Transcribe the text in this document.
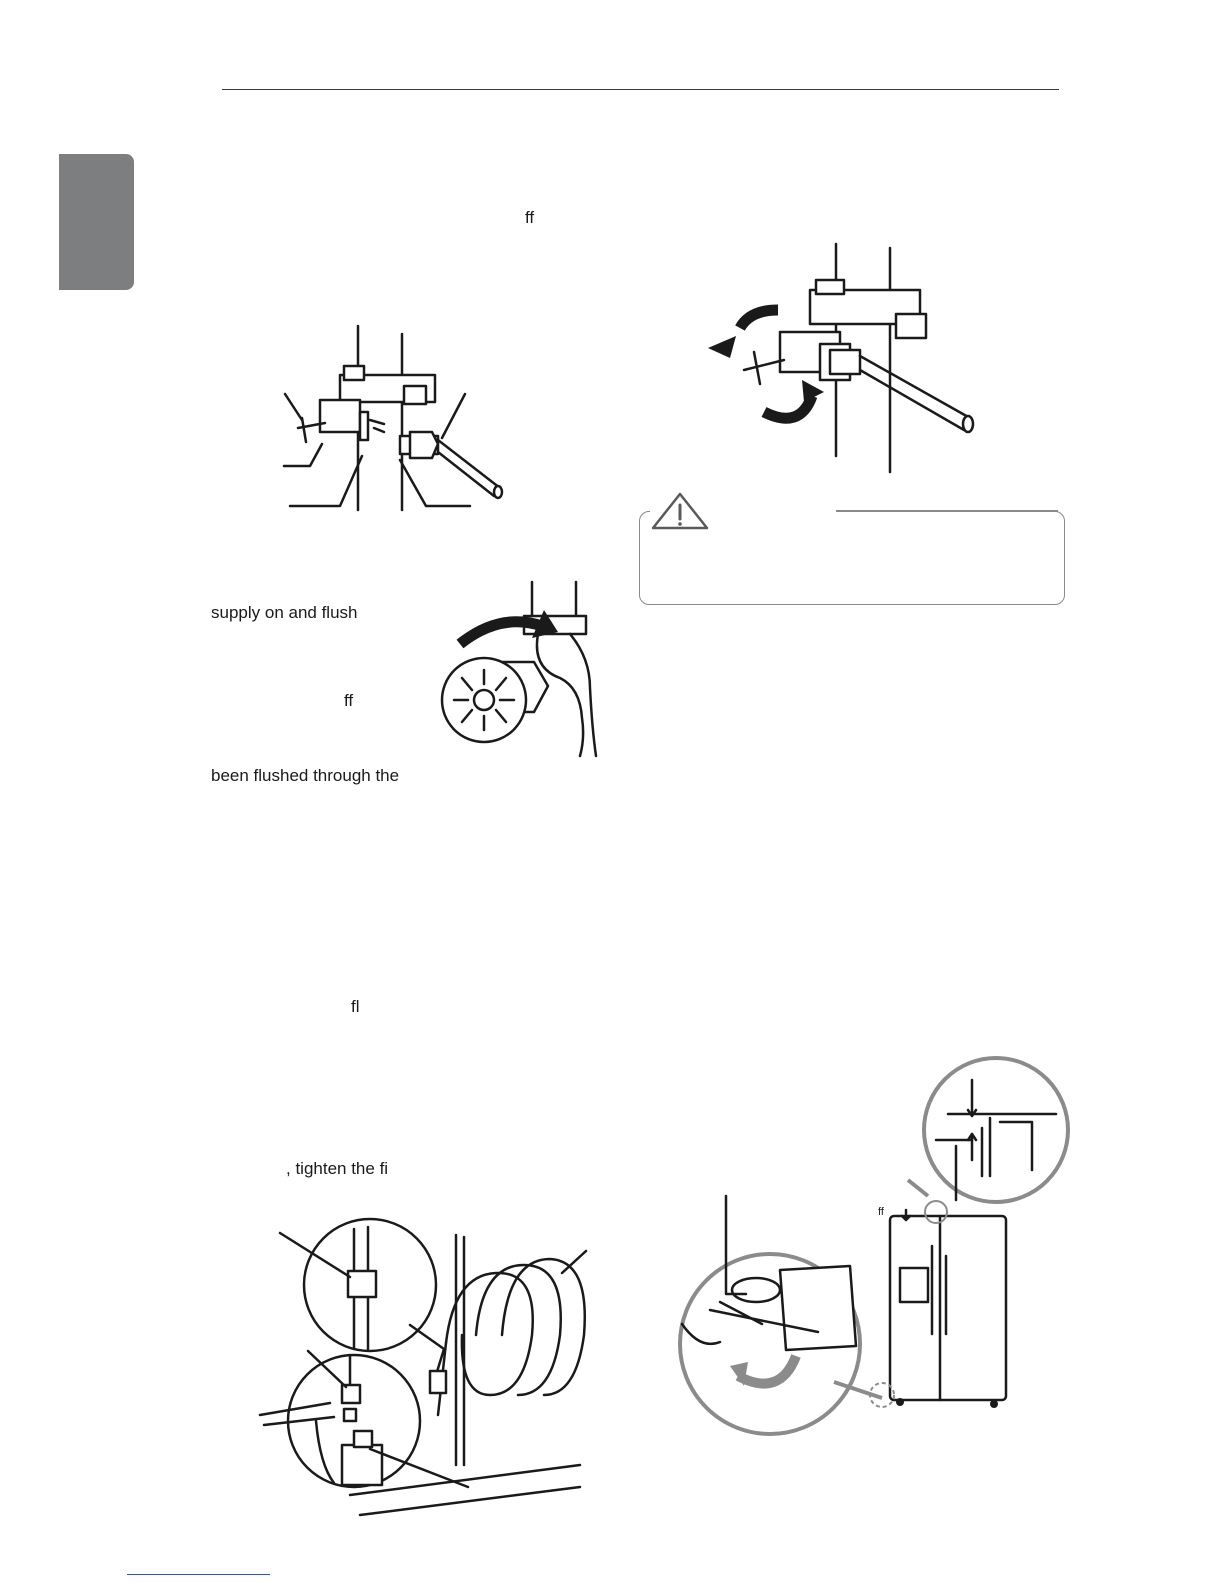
ff
supply on and flush
ff
been flushed through the
fl
, tighten the fi
ff
